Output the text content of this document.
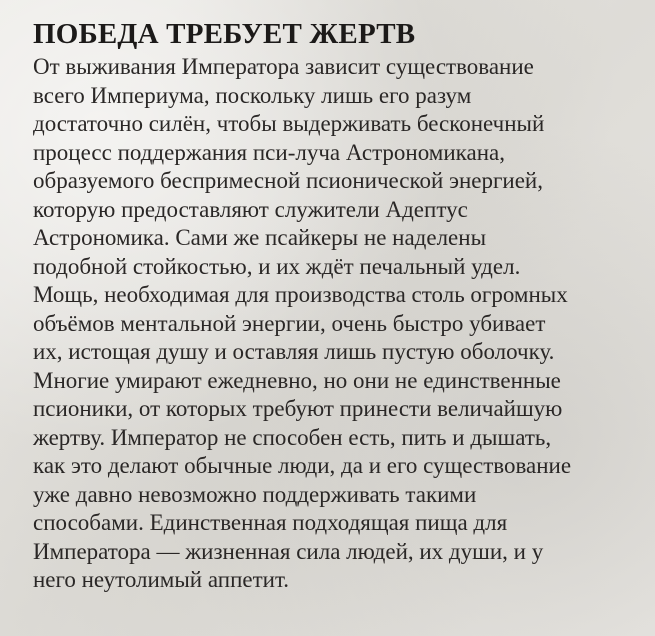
ПОБЕДА ТРЕБУЕТ ЖЕРТВ
От выживания Императора зависит существование
всего Империума, поскольку лишь его разум
достаточно силён, чтобы выдерживать бесконечный
процесс поддержания пси-луча Астрономикана,
образуемого беспримесной псионической энергией,
которую предоставляют служители Адептус
Астрономика. Сами же псайкеры не наделены
подобной стойкостью, и их ждёт печальный удел.
Мощь, необходимая для производства столь огромных
объёмов ментальной энергии, очень быстро убивает
их, истощая душу и оставляя лишь пустую оболочку.
Многие умирают ежедневно, но они не единственные
псионики, от которых требуют принести величайшую
жертву. Император не способен есть, пить и дышать,
как это делают обычные люди, да и его существование
уже давно невозможно поддерживать такими
способами. Единственная подходящая пища для
Императора — жизненная сила людей, их души, и у
него неутолимый аппетит.
